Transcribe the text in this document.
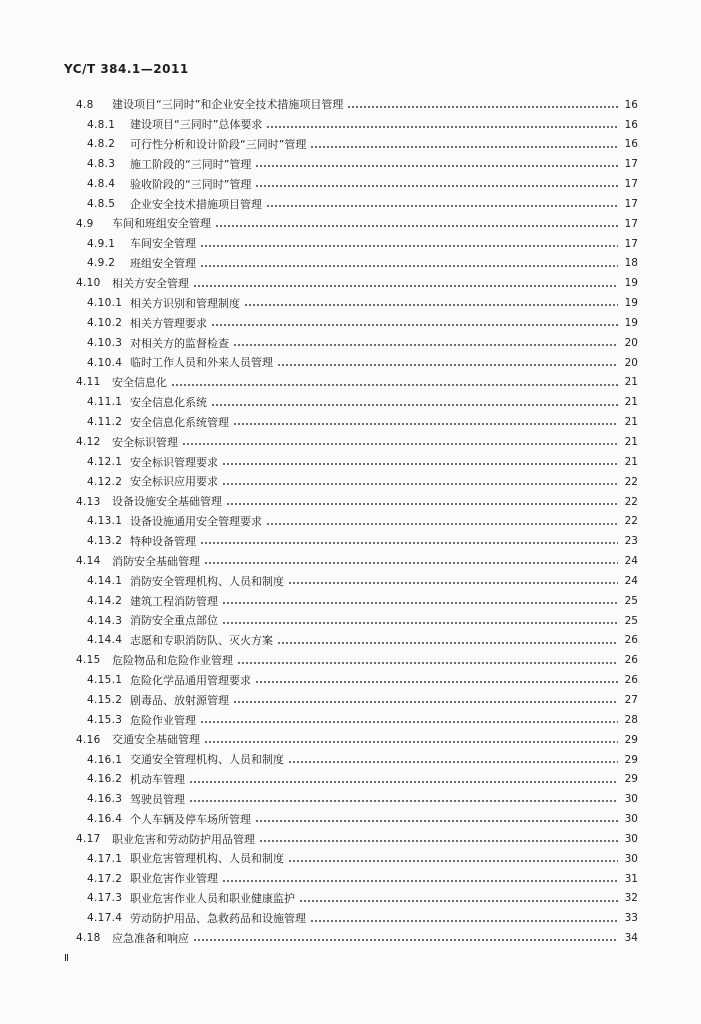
YC/T 384.1—2011
4.8	建设项目“三同时”和企业安全技术措施项目管理	16
4.8.1	建设项目“三同时”总体要求	16
4.8.2	可行性分析和设计阶段“三同时”管理	16
4.8.3	施工阶段的“三同时”管理	17
4.8.4	验收阶段的“三同时”管理	17
4.8.5	企业安全技术措施项目管理	17
4.9	车间和班组安全管理	17
4.9.1	车间安全管理	17
4.9.2	班组安全管理	18
4.10	相关方安全管理	19
4.10.1 相关方识别和管理制度	19
4.10.2 相关方管理要求	19
4.10.3 对相关方的监督检查	20
4.10.4 临时工作人员和外来人员管理	20
4.11	安全信息化	21
4.11.1 安全信息化系统	21
4.11.2 安全信息化系统管理	21
4.12	安全标识管理	21
4.12.1 安全标识管理要求	21
4.12.2 安全标识应用要求	22
4.13	设备设施安全基础管理	22
4.13.1 设备设施通用安全管理要求	22
4.13.2 特种设备管理	23
4.14	消防安全基础管理	24
4.14.1 消防安全管理机构、人员和制度	24
4.14.2 建筑工程消防管理	25
4.14.3 消防安全重点部位	25
4.14.4 志愿和专职消防队、灭火方案	26
4.15	危险物品和危险作业管理	26
4.15.1 危险化学品通用管理要求	26
4.15.2 剧毒品、放射源管理	27
4.15.3 危险作业管理	28
4.16	交通安全基础管理	29
4.16.1 交通安全管理机构、人员和制度	29
4.16.2 机动车管理	29
4.16.3 驾驶员管理	30
4.16.4 个人车辆及停车场所管理	30
4.17	职业危害和劳动防护用品管理	30
4.17.1 职业危害管理机构、人员和制度	30
4.17.2 职业危害作业管理	31
4.17.3 职业危害作业人员和职业健康监护	32
4.17.4 劳动防护用品、急救药品和设施管理	33
4.18	应急准备和响应	34
Ⅱ
